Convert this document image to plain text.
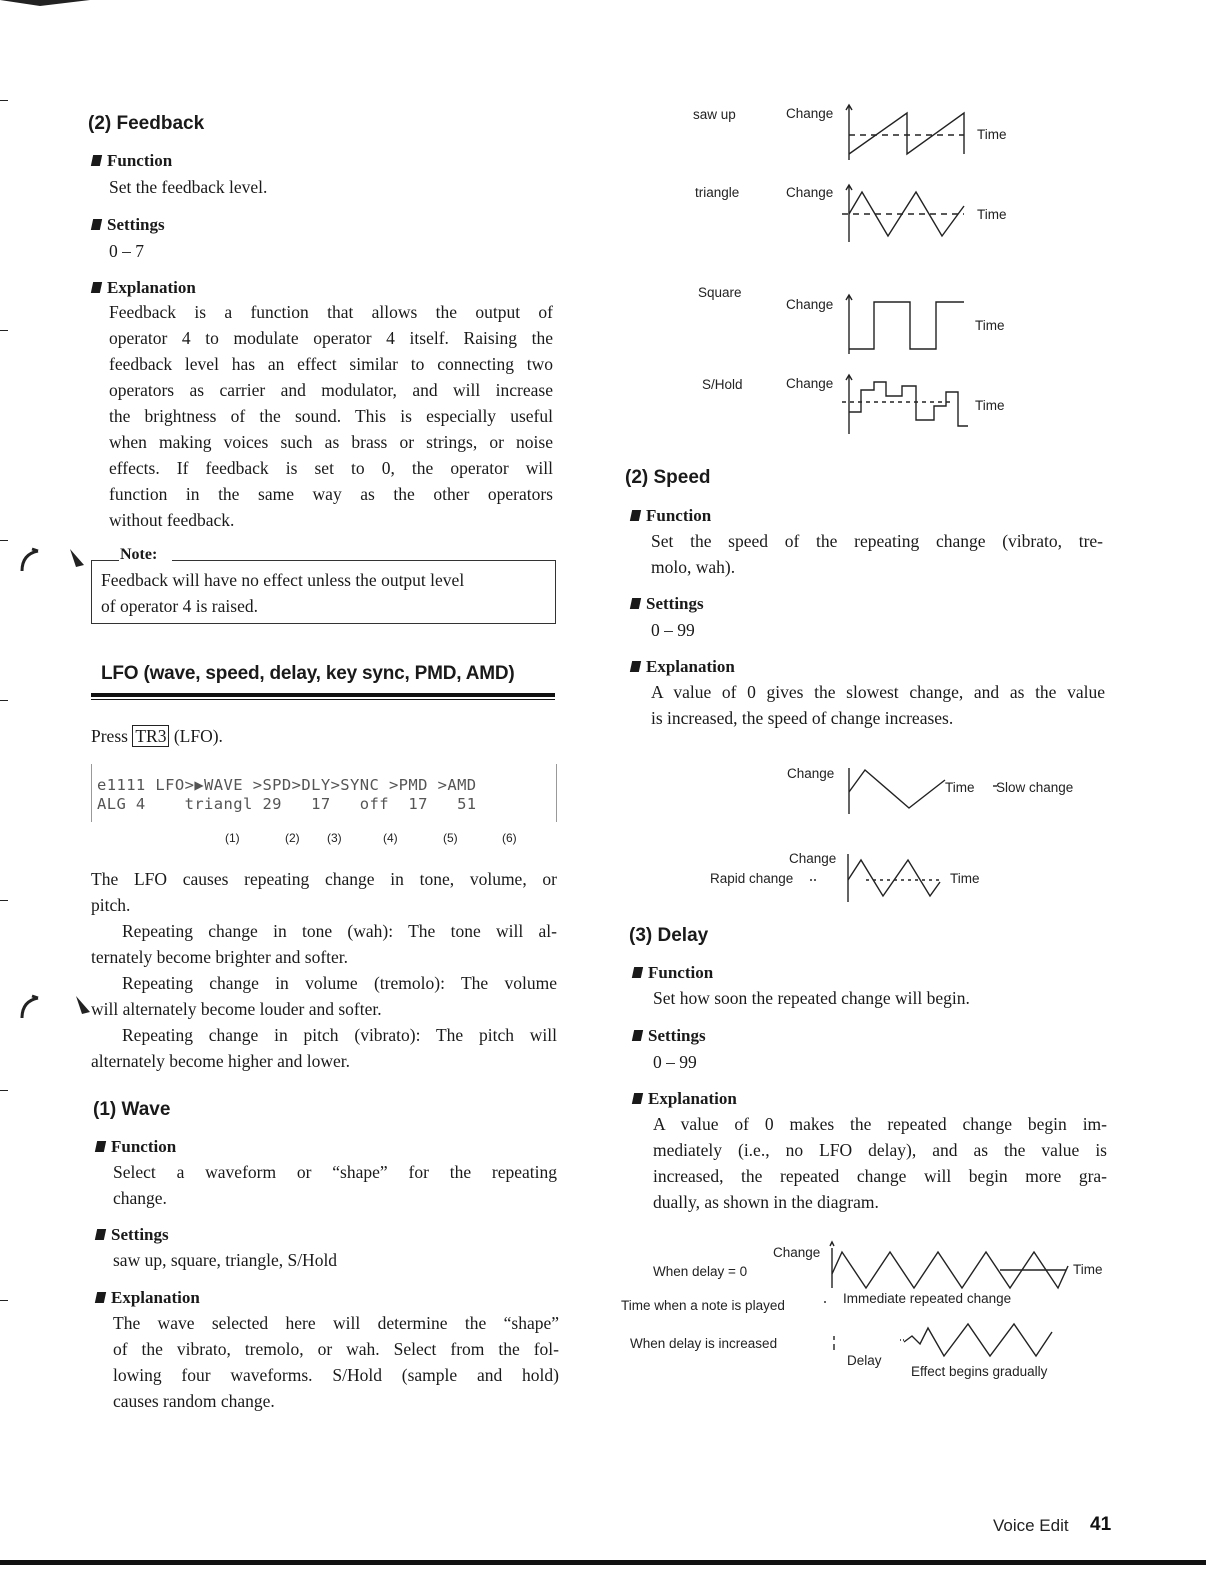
(2) Feedback
Function
Set the feedback level.
Settings
0 – 7
Explanation
Feedback is a function that allows the output of
operator 4 to modulate operator 4 itself. Raising the
feedback level has an effect similar to connecting two
operators as carrier and modulator, and will increase
the brightness of the sound. This is especially useful
when making voices such as brass or strings, or noise
effects. If feedback is set to 0, the operator will
function in the same way as the other operators
without feedback.
Note:
Feedback will have no effect unless the output level
of operator 4 is raised.
LFO (wave, speed, delay, key sync, PMD, AMD)
Press TR3 (LFO).
e1111 LFO>▶WAVE >SPD>DLY>SYNC >PMD >AMD
ALG 4    triangl 29   17   off  17   51
(1)	(2) (3)	(4)	(5)	(6)
The LFO causes repeating change in tone, volume, or
pitch.
Repeating change in tone (wah): The tone will al-
ternately become brighter and softer.
Repeating change in volume (tremolo): The volume
will alternately become louder and softer.
Repeating change in pitch (vibrato): The pitch will
alternately become higher and lower.
(1) Wave
Function
Select a waveform or “shape” for the repeating
change.
Settings
saw up, square, triangle, S/Hold
Explanation
The wave selected here will determine the “shape”
of the vibrato, tremolo, or wah. Select from the fol-
lowing four waveforms. S/Hold (sample and hold)
causes random change.
saw up	Change
Time
triangle	Change
Time
Square
Change
Time
S/Hold	Change
Time
(2) Speed
Function
Set the speed of the repeating change (vibrato, tre-
molo, wah).
Settings
0 – 99
Explanation
A value of 0 gives the slowest change, and as the value
is increased, the speed of change increases.
Change
Time Slow change
Change
Rapid change	Time
(3) Delay
Function
Set how soon the repeated change will begin.
Settings
0 – 99
Explanation
A value of 0 makes the repeated change begin im-
mediately (i.e., no LFO delay), and as the value is
increased, the repeated change will begin more gra-
dually, as shown in the diagram.
Change
When delay = 0	Time
Time when a note is played	Immediate repeated change
When delay is increased
Delay
Effect begins gradually
Voice Edit 41
